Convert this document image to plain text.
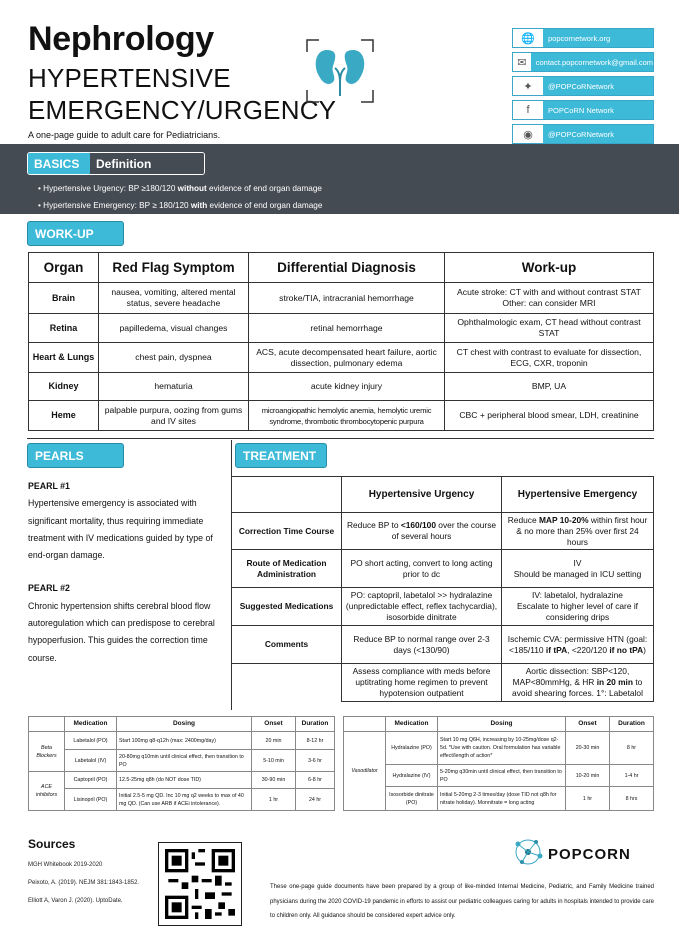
Nephrology
HYPERTENSIVE
EMERGENCY/URGENCY
A one-page guide to adult care for Pediatricians.
🌐	popcornetwork.org
✉	contact.popcornetwork@gmail.com
✦	@POPCoRNetwork
f	POPCoRN Network
◉	@POPCoRNetwork
BASICS	Definition
• Hypertensive Urgency: BP ≥180/120 without evidence of end organ damage
• Hypertensive Emergency: BP ≥ 180/120 with evidence of end organ damage
WORK-UP
Organ	Red Flag Symptom	Differential Diagnosis	Work-up
Brain	nausea, vomiting, altered mental status, severe headache	stroke/TIA, intracranial hemorrhage	Acute stroke: CT with and without contrast STAT Other: can consider MRI
Retina	papilledema, visual changes	retinal hemorrhage	Ophthalmologic exam, CT head without contrast STAT
Heart & Lungs	chest pain, dyspnea	ACS, acute decompensated heart failure, aortic dissection, pulmonary edema	CT chest with contrast to evaluate for dissection, ECG, CXR, troponin
Kidney	hematuria	acute kidney injury	BMP, UA
Heme	palpable purpura, oozing from gums and IV sites	microangiopathic hemolytic anemia, hemolytic uremic syndrome, thrombotic thrombocytopenic purpura	CBC + peripheral blood smear, LDH, creatinine
PEARLS	TREATMENT
PEARL #1
Hypertensive emergency is associated with significant mortality, thus requiring immediate treatment with IV medications guided by type of end-organ damage.
PEARL #2
Chronic hypertension shifts cerebral blood flow autoregulation which can predispose to cerebral hypoperfusion. This guides the correction time course.
	Hypertensive Urgency	Hypertensive Emergency
Correction Time Course	Reduce BP to <160/100 over the course of several hours	Reduce MAP 10-20% within first hour & no more than 25% over first 24 hours
Route of Medication Administration	PO short acting, convert to long acting prior to dc	IV
Should be managed in ICU setting

Suggested Medications	PO: captopril, labetalol >> hydralazine (unpredictable effect, reflex tachycardia), isosorbide dinitrate	IV: labetalol, hydralazine
Escalate to higher level of care if considering drips

Comments	Reduce BP to normal range over 2-3 days (<130/90)	Ischemic CVA: permissive HTN (goal: <185/110 if tPA, <220/120 if no tPA)
	Assess compliance with meds before uptitrating home regimen to prevent hypotension outpatient	Aortic dissection: SBP<120, MAP<80mmHg, & HR in 20 min to avoid shearing forces. 1°: Labetalol
	Medication	Dosing	Onset	Duration
Beta Blockers	Labetalol (PO)	Start 100mg q8-q12h (max: 2400mg/day)	20 min	8-12 hr
	Labetalol (IV)	20-80mg q10min until clinical effect, then transition to PO	5-10 min	3-6 hr
ACE inhibitors	Captopril (PO)	12.5-25mg q8h (do NOT dose TID)	30-90 min	6-8 hr
	Lisinopril (PO)	Initial 2.5-5 mg QD. Inc 10 mg q2 weeks to max of 40 mg QD. (Can use ARB if ACEi intolerance).	1 hr	24 hr
	Medication	Dosing	Onset	Duration
Vasodilator	Hydralazine (PO)	Start 10 mg Q6H, increasing by 10-25mg/dose q2-5d. *Use with caution. Oral formulation has variable effect/length of action*	20-30 min	8 hr
	Hydralazine (IV)	5-20mg q30min until clinical effect, then transition to PO	10-20 min	1-4 hr
	Isosorbide dinitrate (PO)	Initial 5-20mg 2-3 times/day (dose TID not q8h for nitrate holiday). Monnitrate = long acting	1 hr	8 hrs
Sources
MGH Whitebook 2019-2020
Peixoto, A. (2019). NEJM 381:1843-1852.
Elliott A, Varon J. (2020). UptoDate.
POPCORN
These one-page guide documents have been prepared by a group of like-minded Internal Medicine, Pediatric, and Family Medicine trained physicians during the 2020 COVID-19 pandemic in efforts to assist our pediatric colleagues caring for adults in hospitals intended to provide care to children only. All guidance should be considered expert advice only.
